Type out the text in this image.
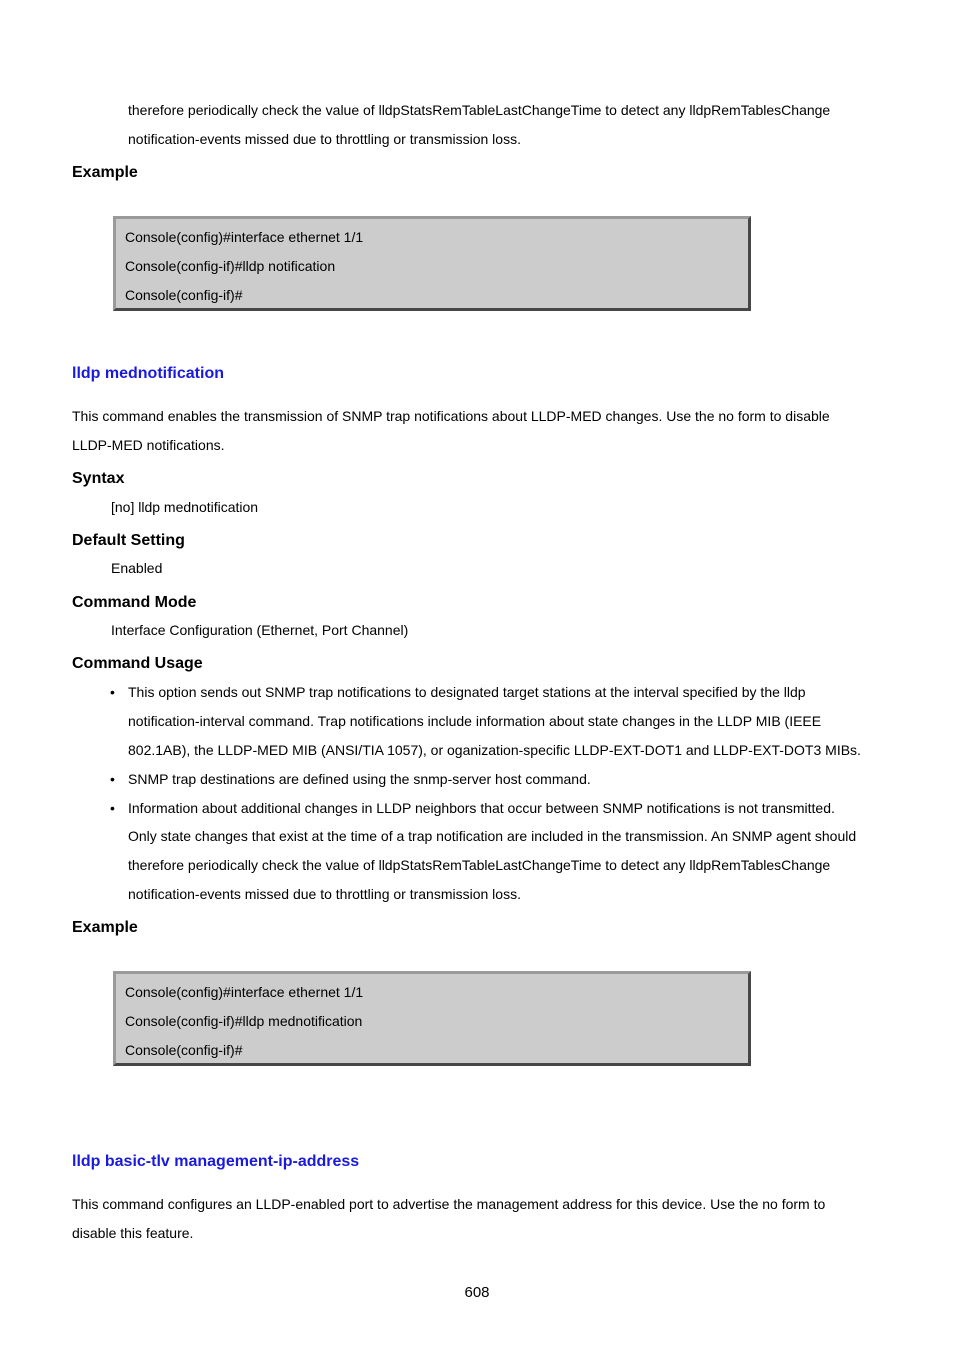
therefore periodically check the value of lldpStatsRemTableLastChangeTime to detect any lldpRemTablesChange
notification-events missed due to throttling or transmission loss.
Example
Console(config)#interface ethernet 1/1
Console(config-if)#lldp notification
Console(config-if)#
lldp mednotification
This command enables the transmission of SNMP trap notifications about LLDP-MED changes. Use the no form to disable
LLDP-MED notifications.
Syntax
[no] lldp mednotification
Default Setting
Enabled
Command Mode
Interface Configuration (Ethernet, Port Channel)
Command Usage
• This option sends out SNMP trap notifications to designated target stations at the interval specified by the lldp
notification-interval command. Trap notifications include information about state changes in the LLDP MIB (IEEE
802.1AB), the LLDP-MED MIB (ANSI/TIA 1057), or oganization-specific LLDP-EXT-DOT1 and LLDP-EXT-DOT3 MIBs.
• SNMP trap destinations are defined using the snmp-server host command.
• Information about additional changes in LLDP neighbors that occur between SNMP notifications is not transmitted.
Only state changes that exist at the time of a trap notification are included in the transmission. An SNMP agent should
therefore periodically check the value of lldpStatsRemTableLastChangeTime to detect any lldpRemTablesChange
notification-events missed due to throttling or transmission loss.
Example
Console(config)#interface ethernet 1/1
Console(config-if)#lldp mednotification
Console(config-if)#
lldp basic-tlv management-ip-address
This command configures an LLDP-enabled port to advertise the management address for this device. Use the no form to
disable this feature.
608
